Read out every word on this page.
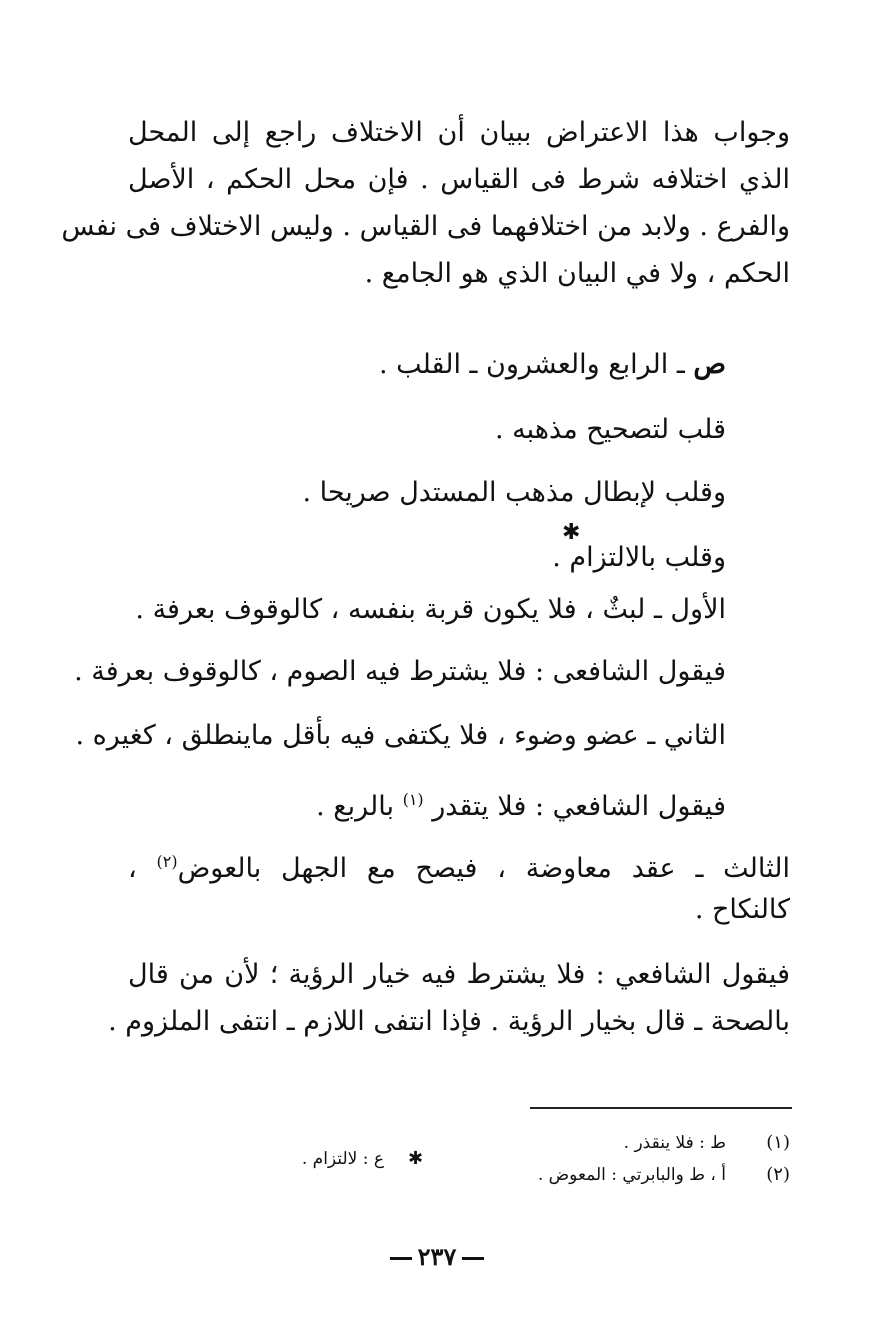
وجواب هذا الاعتراض ببيان أن الاختلاف راجع إلى المحل
الذي اختلافه شرط فى القياس . فإن محل الحكم ، الأصل
والفرع . ولابد من اختلافهما فى القياس . وليس الاختلاف فى نفس
الحكم ، ولا في البيان الذي هو الجامع .
ص ـ الرابع والعشرون ـ القلب .
قلب لتصحيح مذهبه .
وقلب لإبطال مذهب المستدل صريحا .
✱
وقلب بالالتزام .
الأول ـ لبثٌ ، فلا يكون قربة بنفسه ، كالوقوف بعرفة .
فيقول الشافعى : فلا يشترط فيه الصوم ، كالوقوف بعرفة .
الثاني ـ عضو وضوء ، فلا يكتفى فيه بأقل ماينطلق ، كغيره .
فيقول الشافعي : فلا يتقدر $^{(١)}$ بالربع .
الثالث ـ عقد معاوضة ، فيصح مع الجهل بالعوض$^{(٢)}$ ،
كالنكاح .
فيقول الشافعي : فلا يشترط فيه خيار الرؤية ؛ لأن من قال
بالصحة ـ قال بخيار الرؤية . فإذا انتفى اللازم ـ انتفى الملزوم .
(١)
ط : فلا ينقذر .
(٢)
أ ، ط والبابرتي : المعوض .
✱
ع : لالتزام .
٢٣٧
